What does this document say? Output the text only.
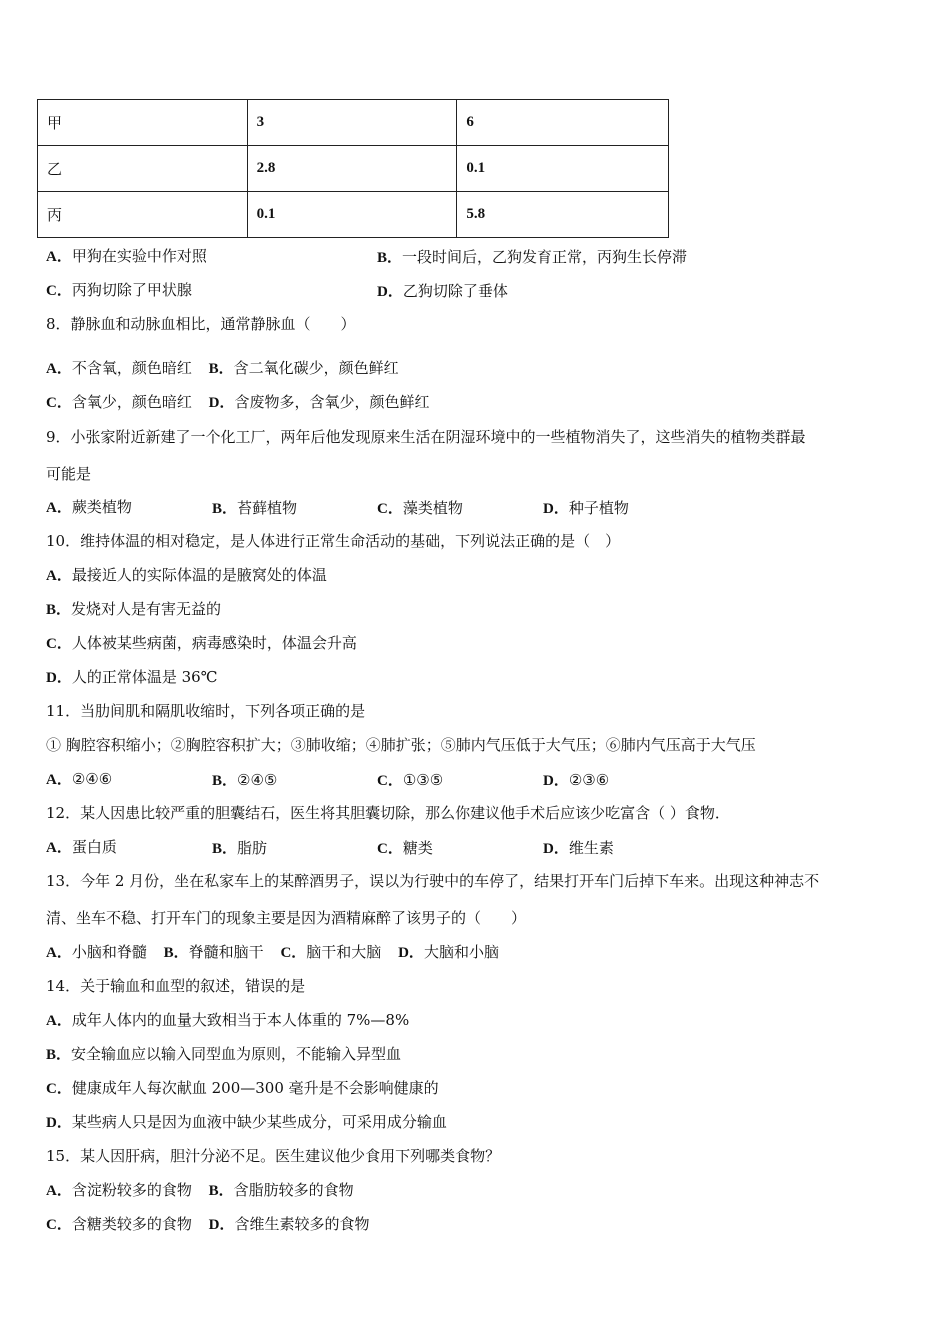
甲	3	6
乙	2.8	0.1
丙	0.1	5.8
A．甲狗在实验中作对照	B．一段时间后，乙狗发育正常，丙狗生长停滞
C．丙狗切除了甲状腺	D．乙狗切除了垂体
8．静脉血和动脉血相比，通常静脉血（　　）
A．不含氧，颜色暗红 B．含二氧化碳少，颜色鲜红
C．含氧少，颜色暗红 D．含废物多，含氧少，颜色鲜红
9．小张家附近新建了一个化工厂，两年后他发现原来生活在阴湿环境中的一些植物消失了，这些消失的植物类群最
可能是
A．蕨类植物	B．苔藓植物	C．藻类植物	D．种子植物
10．维持体温的相对稳定，是人体进行正常生命活动的基础，下列说法正确的是（　）
A．最接近人的实际体温的是腋窝处的体温
B．发烧对人是有害无益的
C．人体被某些病菌，病毒感染时，体温会升高
D．人的正常体温是 36℃
11．当肋间肌和隔肌收缩时，下列各项正确的是
① 胸腔容积缩小；②胸腔容积扩大；③肺收缩；④肺扩张；⑤肺内气压低于大气压；⑥肺内气压高于大气压
A．②④⑥	B．②④⑤	C．①③⑤	D．②③⑥
12．某人因患比较严重的胆囊结石，医生将其胆囊切除，那么你建议他手术后应该少吃富含（ ）食物．
A．蛋白质	B．脂肪	C．糖类	D．维生素
13．今年 2 月份，坐在私家车上的某醉酒男子，误以为行驶中的车停了，结果打开车门后掉下车来。出现这种神志不
清、坐车不稳、打开车门的现象主要是因为酒精麻醉了该男子的（　　）
A．小脑和脊髓 B．脊髓和脑干 C．脑干和大脑 D．大脑和小脑
14．关于输血和血型的叙述，错误的是
A．成年人体内的血量大致相当于本人体重的 7%—8%
B．安全输血应以输入同型血为原则，不能输入异型血
C．健康成年人每次献血 200—300 毫升是不会影响健康的
D．某些病人只是因为血液中缺少某些成分，可采用成分输血
15．某人因肝病，胆汁分泌不足。医生建议他少食用下列哪类食物？
A．含淀粉较多的食物 B．含脂肪较多的食物
C．含糖类较多的食物 D．含维生素较多的食物
